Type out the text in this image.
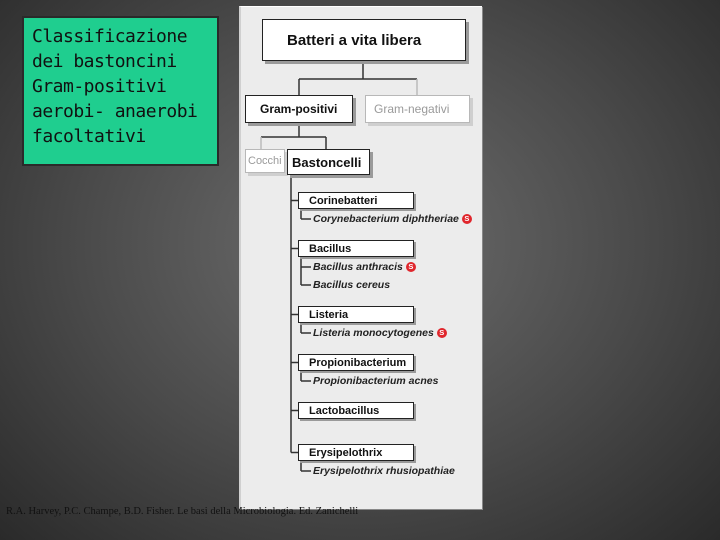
Classificazione
dei bastoncini
Gram-positivi
aerobi- anaerobi
facoltativi
Batteri a vita libera
Gram-positivi	Gram-negativi
Cocchi Bastoncelli
Corinebatteri
Corynebacterium diphtheriae S
Bacillus
Bacillus anthracis S
Bacillus cereus
Listeria
Listeria monocytogenes S
Propionibacterium
Propionibacterium acnes
Lactobacillus
Erysipelothrix
Erysipelothrix rhusiopathiae
R.A. Harvey, P.C. Champe, B.D. Fisher. Le basi della Microbiologia. Ed. Zanichelli
